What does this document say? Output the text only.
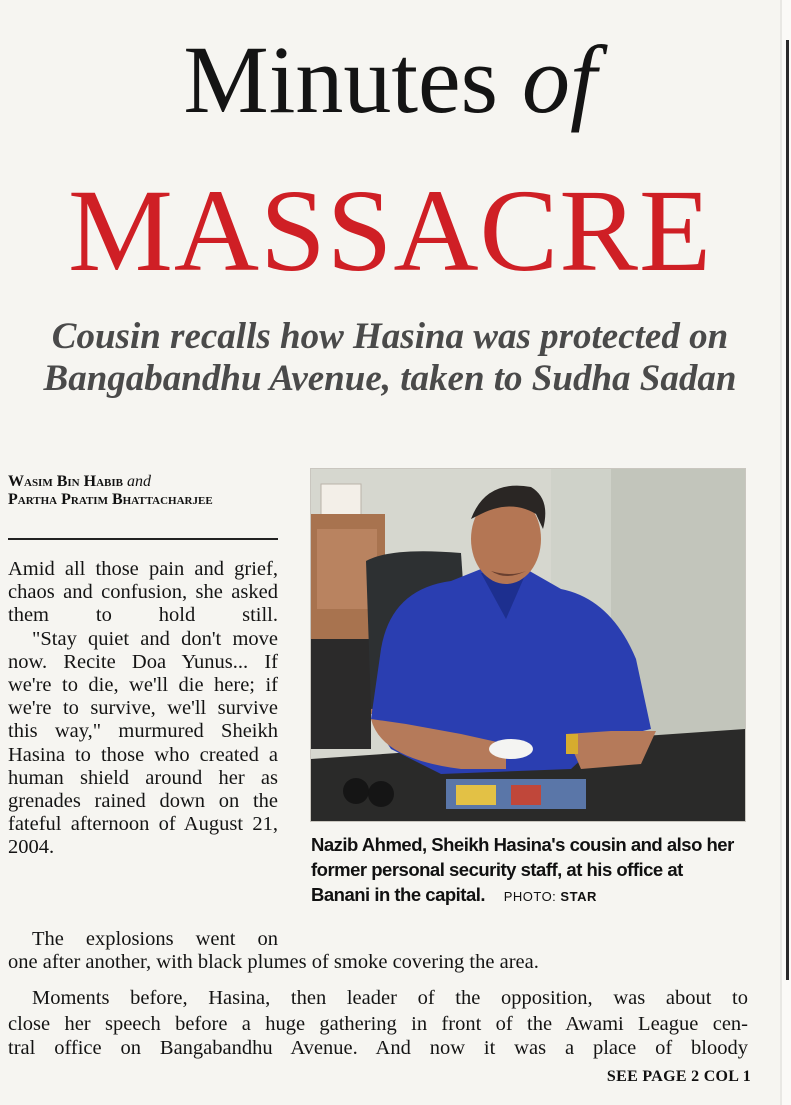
Minutes of
MASSACRE
Cousin recalls how Hasina was protected on Bangabandhu Avenue, taken to Sudha Sadan
Wasim Bin Habib and
Partha Pratim Bhattacharjee

Amid all those pain and grief, chaos and confusion, she asked them to hold still.

"Stay quiet and don't move now. Recite Doa Yunus... If we're to die, we'll die here; if we're to survive, we'll survive this way," murmured Sheikh Hasina to those who created a human shield around her as grenades rained down on the fateful afternoon of August 21, 2004.

The explosions went on
one after another, with black plumes of smoke covering the area.
Moments before, Hasina, then leader of the opposition, was about to
close her speech before a huge gathering in front of the Awami League cen-
tral office on Bangabandhu Avenue. And now it was a place of bloody
SEE PAGE 2 COL 1
Nazib Ahmed, Sheikh Hasina's cousin and also her former personal security staff, at his office at Banani in the capital. PHOTO: STAR
